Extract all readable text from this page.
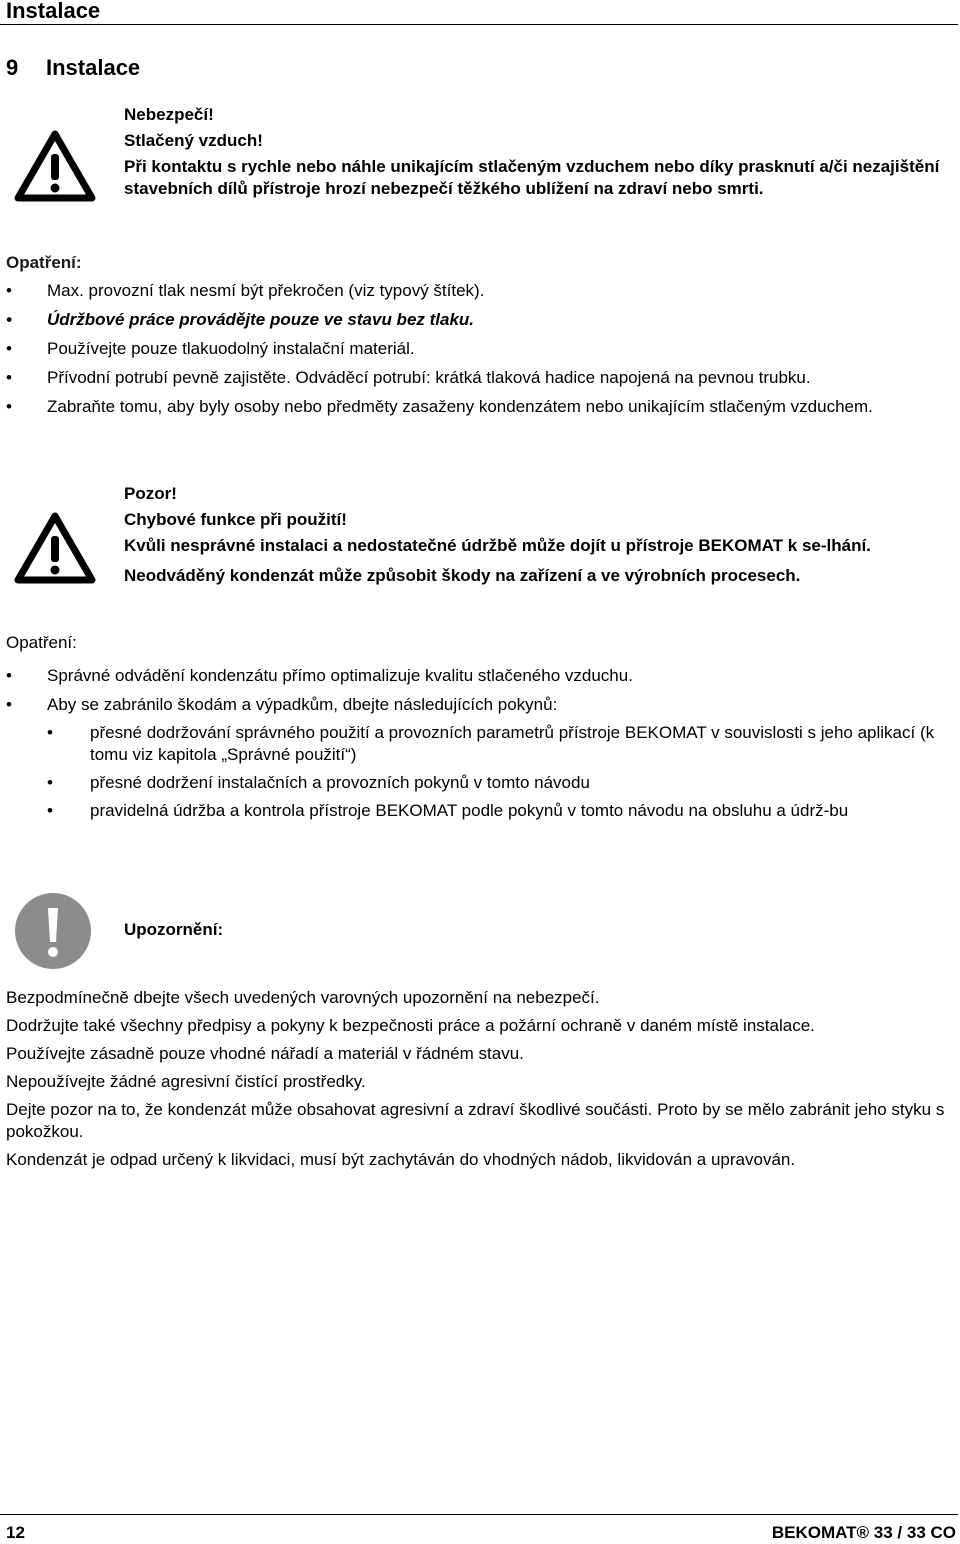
Instalace
9 Instalace

Nebezpečí!

Stlačený vzduch!

Při kontaktu s rychle nebo náhle unikajícím stlačeným vzduchem nebo díky prasknutí a/či nezajištění stavebních dílů přístroje hrozí nebezpečí těžkého ublížení na zdraví nebo smrti.

Opatření:
• Max. provozní tlak nesmí být překročen (viz typový štítek).
• Údržbové práce provádějte pouze ve stavu bez tlaku.
• Používejte pouze tlakuodolný instalační materiál.
• Přívodní potrubí pevně zajistěte. Odváděcí potrubí: krátká tlaková hadice napojená na pevnou trubku.
• Zabraňte tomu, aby byly osoby nebo předměty zasaženy kondenzátem nebo unikajícím stlačeným vzduchem.

Pozor!

Chybové funkce při použití!

Kvůli nesprávné instalaci a nedostatečné údržbě může dojít u přístroje BEKOMAT k se-lhání.

Neodváděný kondenzát může způsobit škody na zařízení a ve výrobních procesech.

Opatření:
• Správné odvádění kondenzátu přímo optimalizuje kvalitu stlačeného vzduchu.
• Aby se zabránilo škodám a výpadkům, dbejte následujících pokynů:
• přesné dodržování správného použití a provozních parametrů přístroje BEKOMAT v souvislosti s jeho aplikací (k tomu viz kapitola „Správné použití“)
• přesné dodržení instalačních a provozních pokynů v tomto návodu
• pravidelná údržba a kontrola přístroje BEKOMAT podle pokynů v tomto návodu na obsluhu a údrž-bu
Upozornění:

Bezpodmínečně dbejte všech uvedených varovných upozornění na nebezpečí.

Dodržujte také všechny předpisy a pokyny k bezpečnosti práce a požární ochraně v daném místě instalace.

Používejte zásadně pouze vhodné nářadí a materiál v řádném stavu.

Nepoužívejte žádné agresivní čistící prostředky.

Dejte pozor na to, že kondenzát může obsahovat agresivní a zdraví škodlivé součásti. Proto by se mělo zabránit jeho styku s pokožkou.

Kondenzát je odpad určený k likvidaci, musí být zachytáván do vhodných nádob, likvidován a upravován.

12	BEKOMAT® 33 / 33 CO
